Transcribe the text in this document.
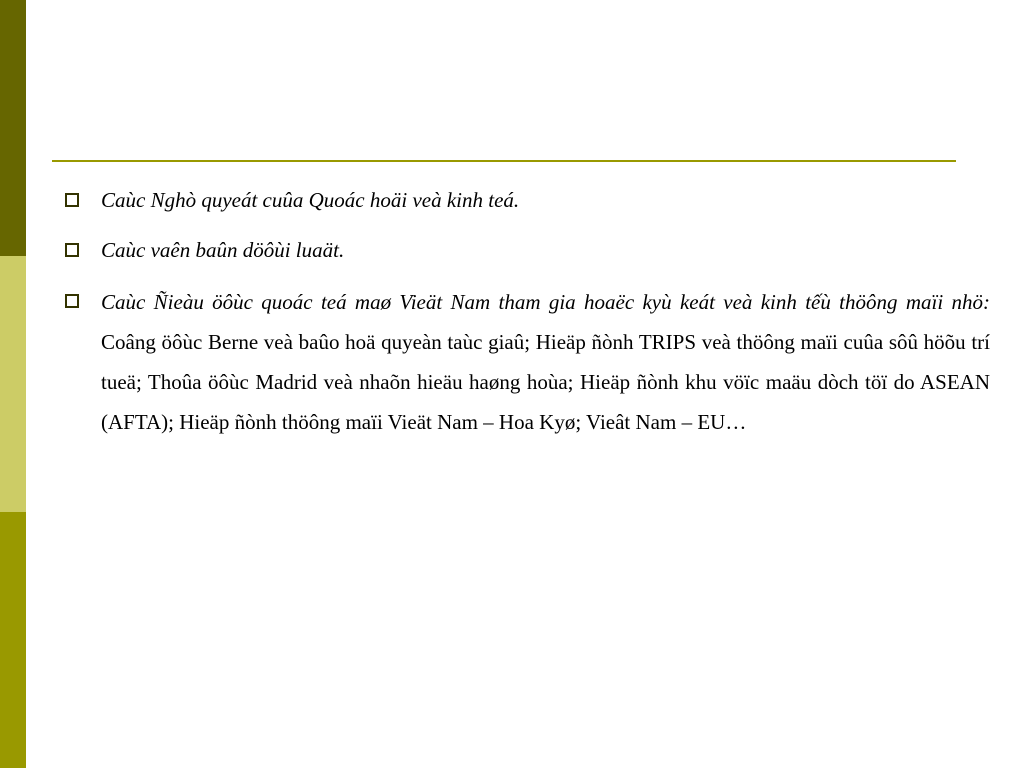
Caùc Nghò quyeát cuûa Quoác hoäi veà kinh teá.
Caùc vaên baûn döôùi luaät.
Caùc Ñieàu öôùc quoác teá maø Vieät Nam tham gia hoaëc kyù keát veà kinh tếù thöông maïi nhö: Coâng öôùc Berne veà baûo hoä quyeàn taùc giaû; Hieäp ñònh TRIPS veà thöông maïi cuûa sôû höõu trí tueä; Thoûa öôùc Madrid veà nhaõn hieäu haøng hoùa; Hieäp ñònh khu vöïc maäu dòch töï do ASEAN (AFTA); Hieäp ñònh thöông maïi Vieät Nam – Hoa Kyø; Vieât Nam – EU…
